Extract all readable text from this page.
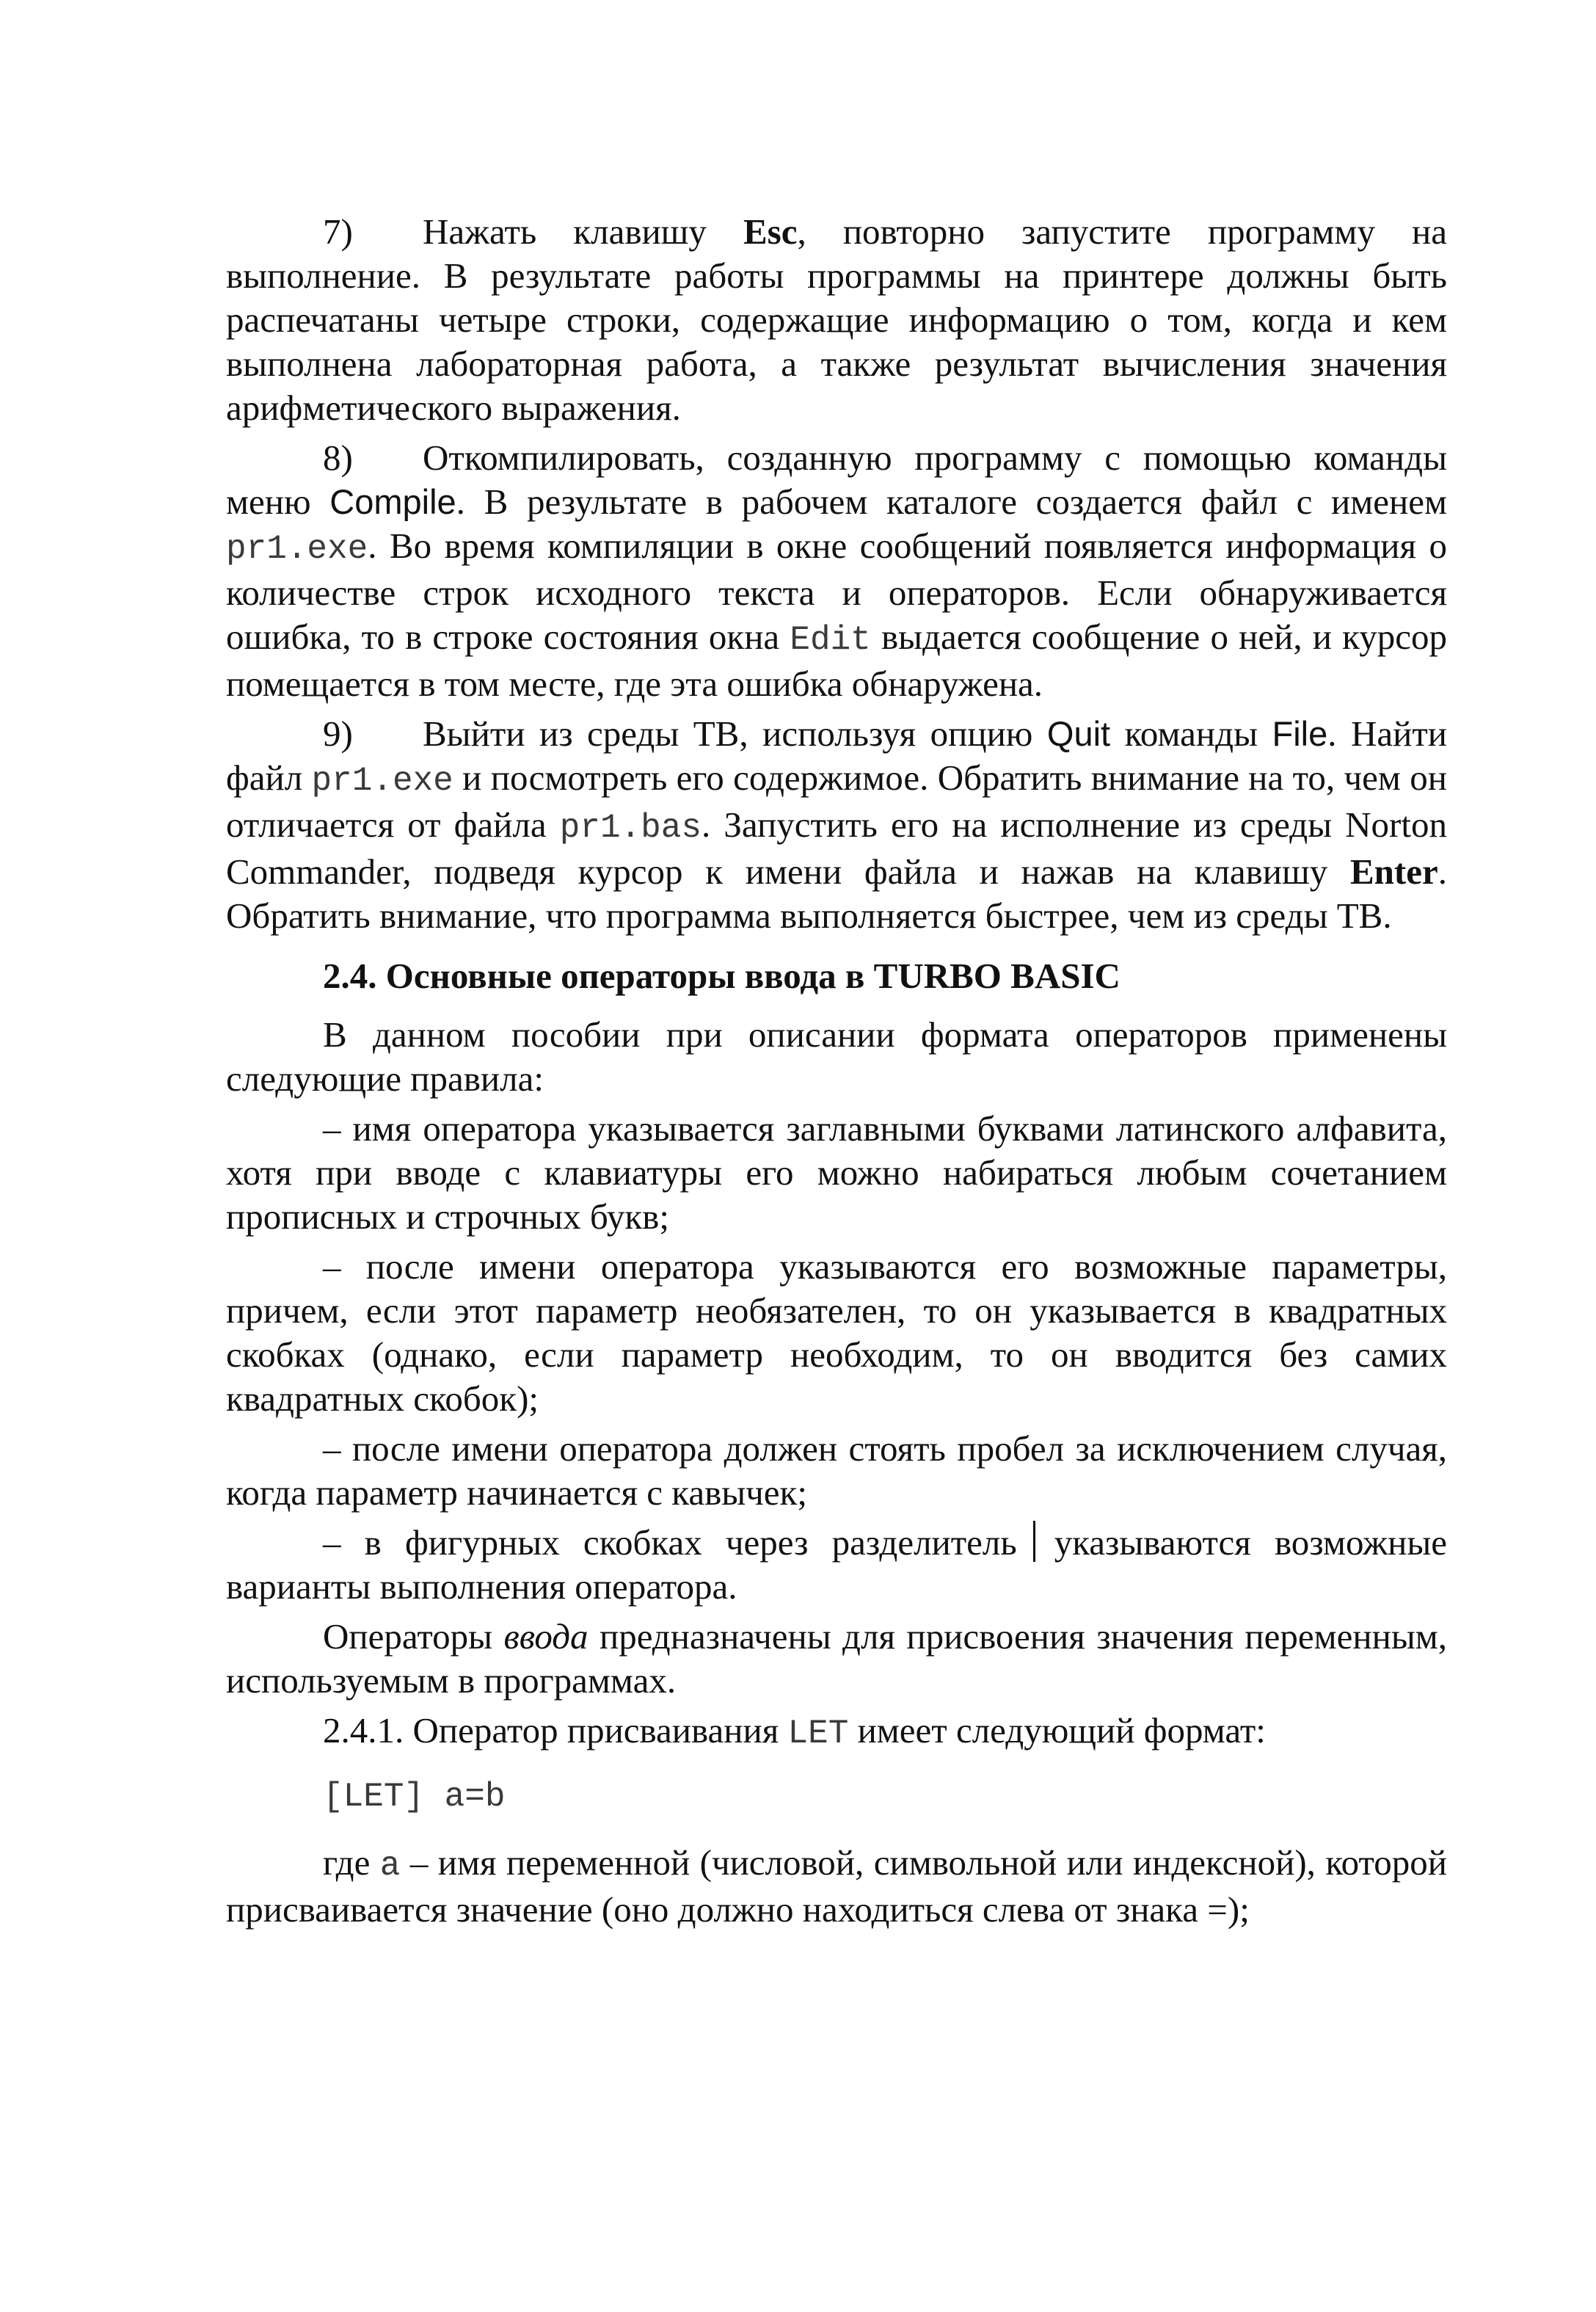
7) Нажать клавишу Esc, повторно запустите программу на выполнение. В результате работы программы на принтере должны быть распечатаны четыре строки, содержащие информацию о том, когда и кем выполнена лабораторная работа, а также результат вычисления значения арифметического выражения.

8) Откомпилировать, созданную программу с помощью команды меню Compile. В результате в рабочем каталоге создается файл с именем pr1.exe. Во время компиляции в окне сообщений появляется информация о количестве строк исходного текста и операторов. Если обнаруживается ошибка, то в строке состояния окна Edit выдается сообщение о ней, и курсор помещается в том месте, где эта ошибка обнаружена.

9) Выйти из среды ТВ, используя опцию Quit команды File. Найти файл pr1.exe и посмотреть его содержимое. Обратить внимание на то, чем он отличается от файла pr1.bas. Запустить его на исполнение из среды Norton Commander, подведя курсор к имени файла и нажав на клавишу Enter. Обратить внимание, что программа выполняется быстрее, чем из среды ТВ.

2.4. Основные операторы ввода в TURBO BASIC

В данном пособии при описании формата операторов применены следующие правила:

– имя оператора указывается заглавными буквами латинского алфавита, хотя при вводе с клавиатуры его можно набираться любым сочетанием прописных и строчных букв;

– после имени оператора указываются его возможные параметры, причем, если этот параметр необязателен, то он указывается в квадратных скобках (однако, если параметр необходим, то он вводится без самих квадратных скобок);

– после имени оператора должен стоять пробел за исключением случая, когда параметр начинается с кавычек;

– в фигурных скобках через разделитель указываются возможные варианты выполнения оператора.

Операторы ввода предназначены для присвоения значения переменным, используемым в программах.

2.4.1. Оператор присваивания LET имеет следующий формат:

[LET] a=b

где a – имя переменной (числовой, символьной или индексной), которой присваивается значение (оно должно находиться слева от знака =);
